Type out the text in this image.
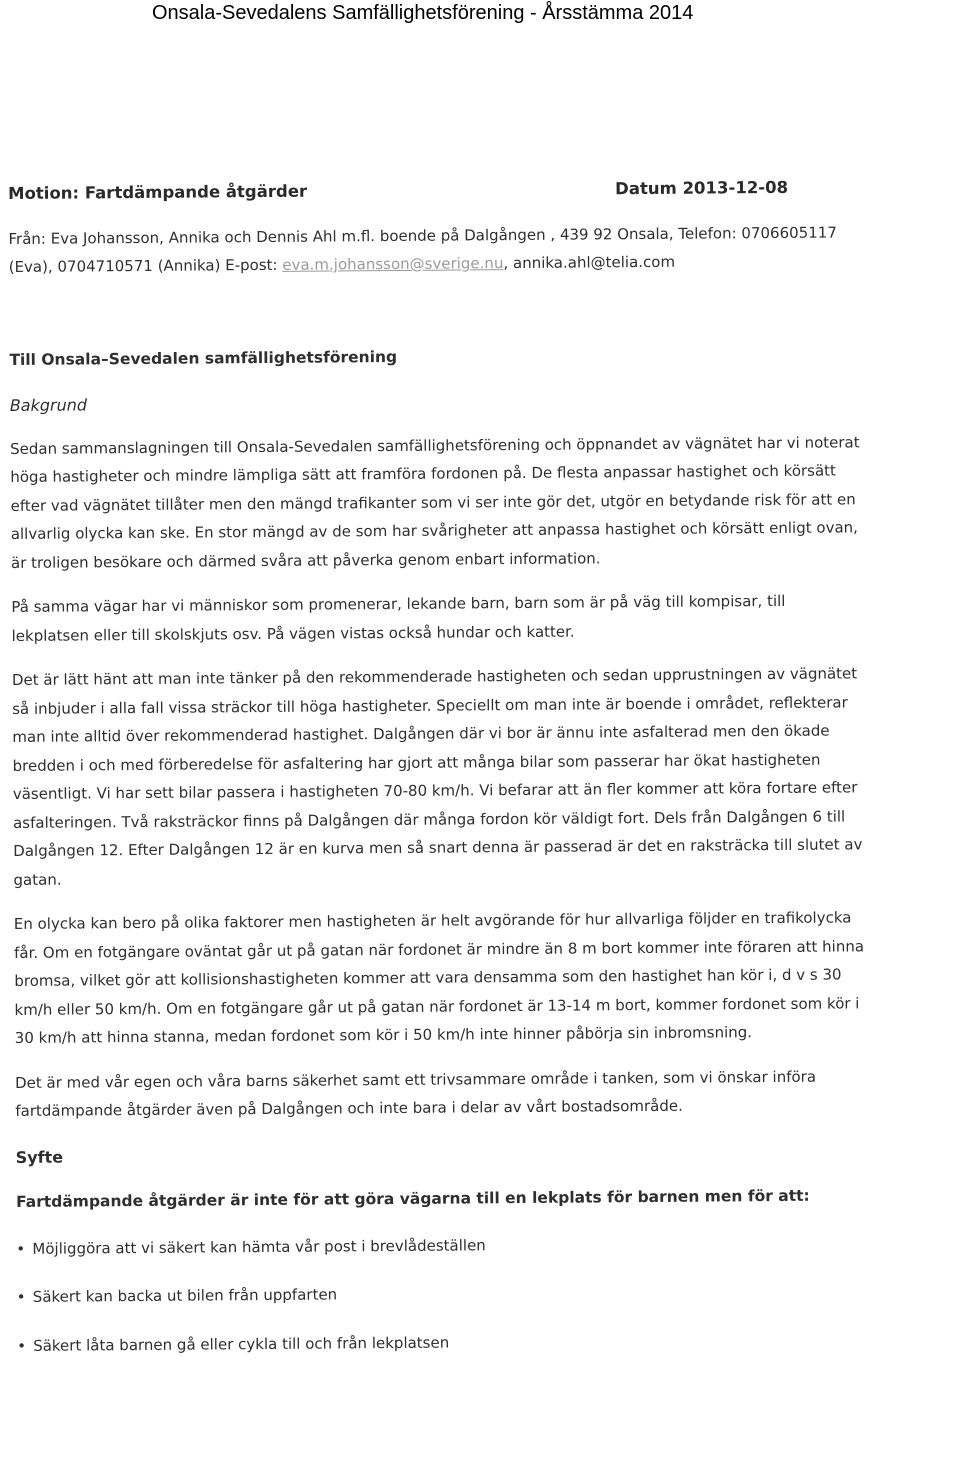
Onsala-Sevedalens Samfällighetsförening - Årsstämma 2014
Motion: Fartdämpande åtgärder	Datum 2013-12-08
Från: Eva Johansson, Annika och Dennis Ahl m.fl. boende på Dalgången , 439 92 Onsala, Telefon: 0706605117 (Eva), 0704710571 (Annika) E-post: eva.m.johansson@sverige.nu, annika.ahl@telia.com
Till Onsala–Sevedalen samfällighetsförening
Bakgrund
Sedan sammanslagningen till Onsala-Sevedalen samfällighetsförening och öppnandet av vägnätet har vi noterat höga hastigheter och mindre lämpliga sätt att framföra fordonen på. De flesta anpassar hastighet och körsätt efter vad vägnätet tillåter men den mängd trafikanter som vi ser inte gör det, utgör en betydande risk för att en allvarlig olycka kan ske. En stor mängd av de som har svårigheter att anpassa hastighet och körsätt enligt ovan, är troligen besökare och därmed svåra att påverka genom enbart information.
På samma vägar har vi människor som promenerar, lekande barn, barn som är på väg till kompisar, till lekplatsen eller till skolskjuts osv. På vägen vistas också hundar och katter.
Det är lätt hänt att man inte tänker på den rekommenderade hastigheten och sedan upprustningen av vägnätet så inbjuder i alla fall vissa sträckor till höga hastigheter. Speciellt om man inte är boende i området, reflekterar man inte alltid över rekommenderad hastighet. Dalgången där vi bor är ännu inte asfalterad men den ökade bredden i och med förberedelse för asfaltering har gjort att många bilar som passerar har ökat hastigheten väsentligt. Vi har sett bilar passera i hastigheten 70-80 km/h. Vi befarar att än fler kommer att köra fortare efter asfalteringen. Två raksträckor finns på Dalgången där många fordon kör väldigt fort. Dels från Dalgången 6 till Dalgången 12. Efter Dalgången 12 är en kurva men så snart denna är passerad är det en raksträcka till slutet av gatan.
En olycka kan bero på olika faktorer men hastigheten är helt avgörande för hur allvarliga följder en trafikolycka får. Om en fotgängare oväntat går ut på gatan när fordonet är mindre än 8 m bort kommer inte föraren att hinna bromsa, vilket gör att kollisionshastigheten kommer att vara densamma som den hastighet han kör i, d v s 30 km/h eller 50 km/h. Om en fotgängare går ut på gatan när fordonet är 13-14 m bort, kommer fordonet som kör i 30 km/h att hinna stanna, medan fordonet som kör i 50 km/h inte hinner påbörja sin inbromsning.
Det är med vår egen och våra barns säkerhet samt ett trivsammare område i tanken, som vi önskar införa fartdämpande åtgärder även på Dalgången och inte bara i delar av vårt bostadsområde.
Syfte
Fartdämpande åtgärder är inte för att göra vägarna till en lekplats för barnen men för att:
• Möjliggöra att vi säkert kan hämta vår post i brevlådeställen
• Säkert kan backa ut bilen från uppfarten
• Säkert låta barnen gå eller cykla till och från lekplatsen
